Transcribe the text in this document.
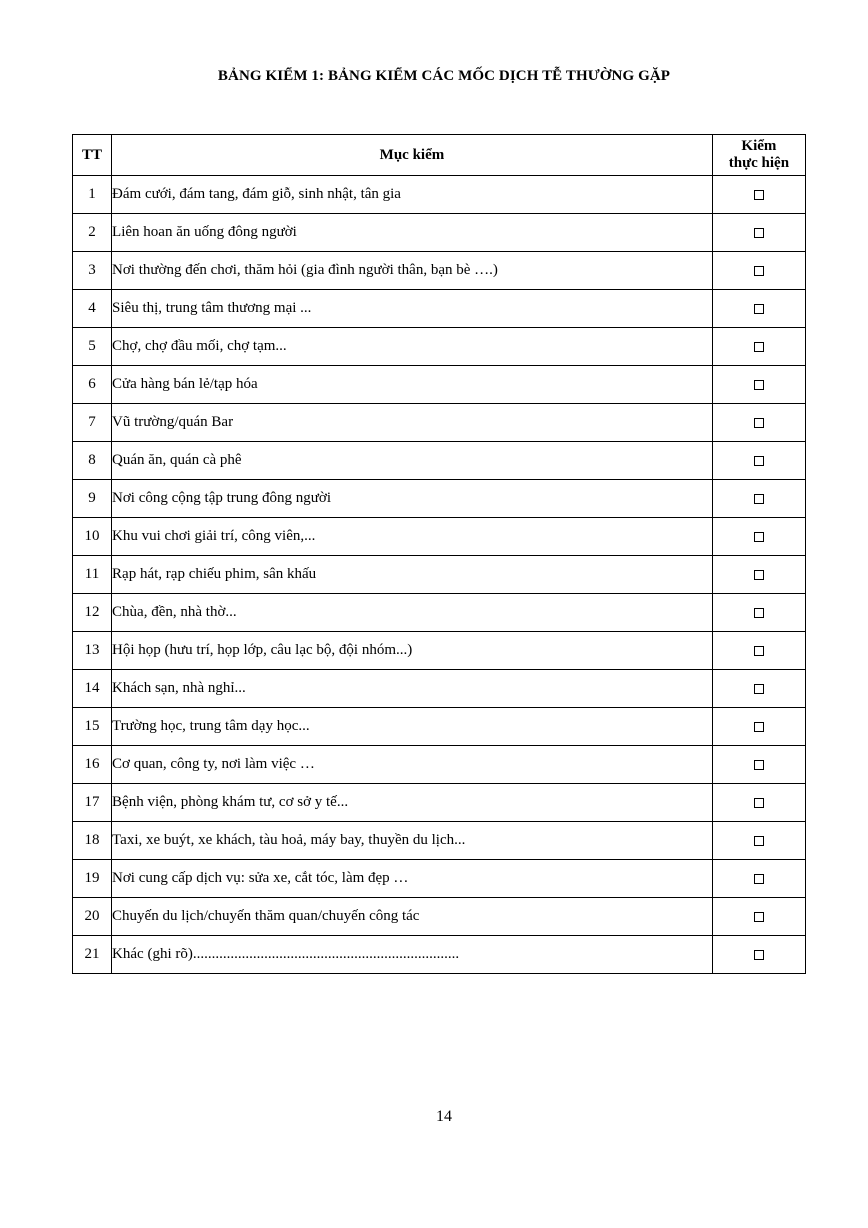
BẢNG KIỂM 1: BẢNG KIỂM CÁC MỐC DỊCH TỄ THƯỜNG GẶP
TT	Mục kiểm	Kiểm
thực hiện
1	Đám cưới, đám tang, đám giỗ, sinh nhật, tân gia	
2	Liên hoan ăn uống đông người	
3	Nơi thường đến chơi, thăm hỏi (gia đình người thân, bạn bè ….)	
4	Siêu thị, trung tâm thương mại ...	
5	Chợ, chợ đầu mối, chợ tạm...	
6	Cửa hàng bán lẻ/tạp hóa	
7	Vũ trường/quán Bar	
8	Quán ăn, quán cà phê	
9	Nơi công cộng tập trung đông người	
10	Khu vui chơi giải trí, công viên,...	
11	Rạp hát, rạp chiếu phim, sân khấu	
12	Chùa, đền, nhà thờ...	
13	Hội họp (hưu trí, họp lớp, câu lạc bộ, đội nhóm...)	
14	Khách sạn, nhà nghỉ...	
15	Trường học, trung tâm dạy học...	
16	Cơ quan, công ty, nơi làm việc …	
17	Bệnh viện, phòng khám tư, cơ sở y tế...	
18	Taxi, xe buýt, xe khách, tàu hoả, máy bay, thuyền du lịch...	
19	Nơi cung cấp dịch vụ: sửa xe, cắt tóc, làm đẹp …	
20	Chuyến du lịch/chuyến thăm quan/chuyến công tác	
21	Khác (ghi rõ).......................................................................	
14
